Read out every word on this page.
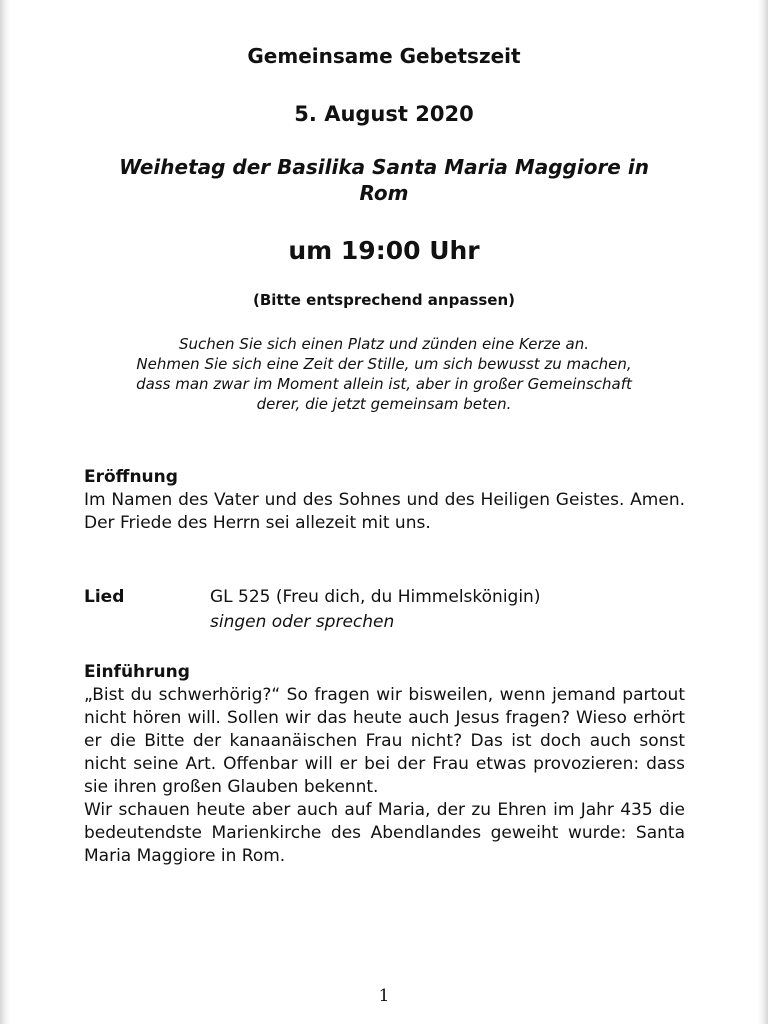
Gemeinsame Gebetszeit
5. August 2020
Weihetag der Basilika Santa Maria Maggiore in
Rom
um 19:00 Uhr
(Bitte entsprechend anpassen)
Suchen Sie sich einen Platz und zünden eine Kerze an.
Nehmen Sie sich eine Zeit der Stille, um sich bewusst zu machen,
dass man zwar im Moment allein ist, aber in großer Gemeinschaft
derer, die jetzt gemeinsam beten.
Eröffnung
Im Namen des Vater und des Sohnes und des Heiligen Geistes. Amen. Der Friede des Herrn sei allezeit mit uns.
Lied	GL 525 (Freu dich, du Himmelskönigin)
singen oder sprechen
Einführung
„Bist du schwerhörig?“ So fragen wir bisweilen, wenn jemand partout nicht hören will. Sollen wir das heute auch Jesus fragen? Wieso erhört er die Bitte der kanaanäischen Frau nicht? Das ist doch auch sonst nicht seine Art. Offenbar will er bei der Frau etwas provozieren: dass sie ihren großen Glauben bekennt.
Wir schauen heute aber auch auf Maria, der zu Ehren im Jahr 435 die bedeutendste Marienkirche des Abendlandes geweiht wurde: Santa Maria Maggiore in Rom.
1
